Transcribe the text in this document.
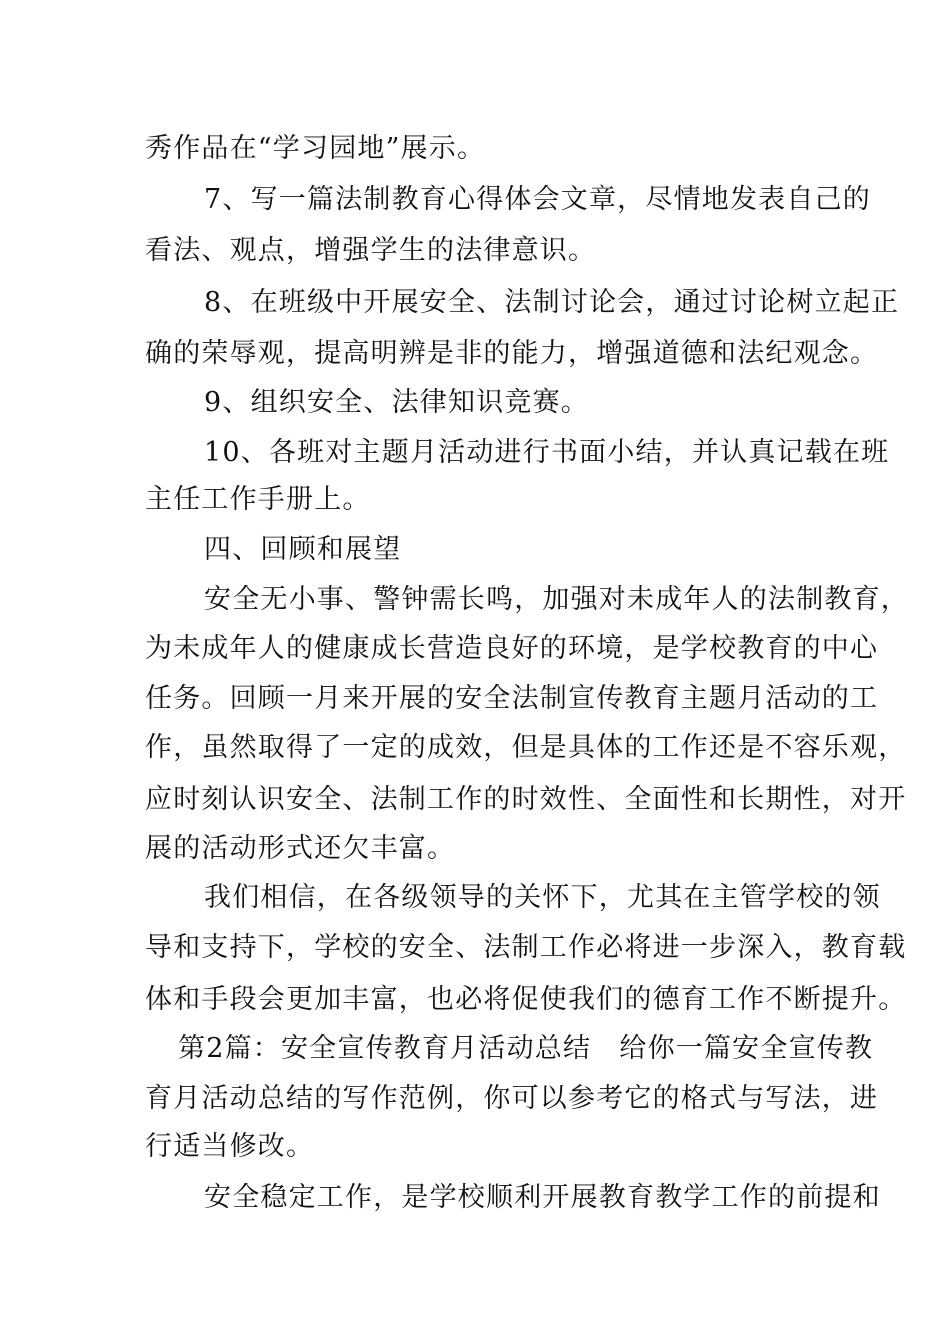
秀作品在“学习园地”展示。
7、写一篇法制教育心得体会文章，尽情地发表自己的
看法、观点，增强学生的法律意识。
8、在班级中开展安全、法制讨论会，通过讨论树立起正
确的荣辱观，提高明辨是非的能力，增强道德和法纪观念。
9、组织安全、法律知识竞赛。
10、各班对主题月活动进行书面小结，并认真记载在班
主任工作手册上。
四、回顾和展望
安全无小事、警钟需长鸣，加强对未成年人的法制教育，
为未成年人的健康成长营造良好的环境，是学校教育的中心
任务。回顾一月来开展的安全法制宣传教育主题月活动的工
作，虽然取得了一定的成效，但是具体的工作还是不容乐观，
应时刻认识安全、法制工作的时效性、全面性和长期性，对开
展的活动形式还欠丰富。
我们相信，在各级领导的关怀下，尤其在主管学校的领
导和支持下，学校的安全、法制工作必将进一步深入，教育载
体和手段会更加丰富，也必将促使我们的德育工作不断提升。
第2篇：安全宣传教育月活动总结　给你一篇安全宣传教
育月活动总结的写作范例，你可以参考它的格式与写法，进
行适当修改。
安全稳定工作，是学校顺利开展教育教学工作的前提和
